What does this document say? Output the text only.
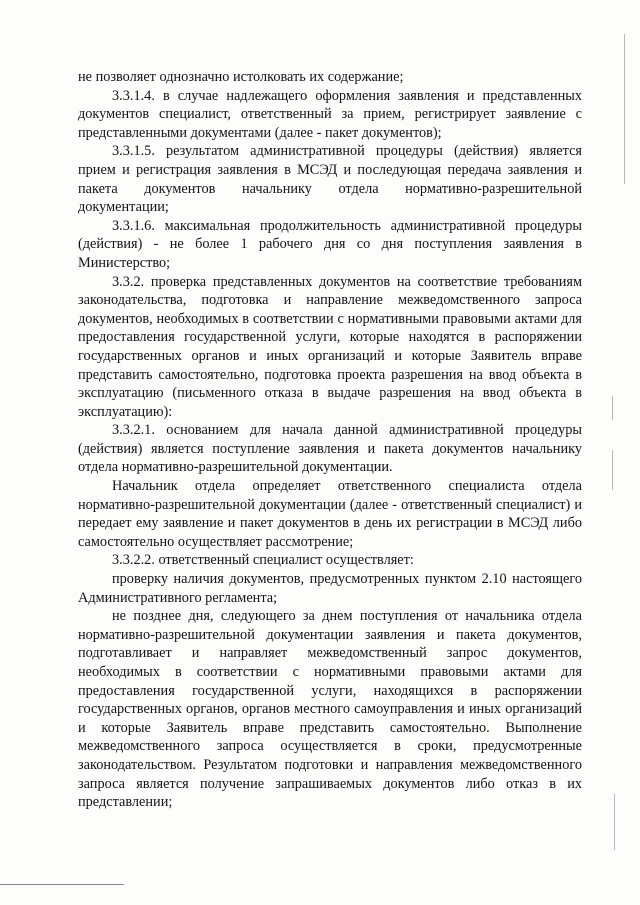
не позволяет однозначно истолковать их содержание;

3.3.1.4. в случае надлежащего оформления заявления и представленных документов специалист, ответственный за прием, регистрирует заявление с представленными документами (далее - пакет документов);

3.3.1.5. результатом административной процедуры (действия) является прием и регистрация заявления в МСЭД и последующая передача заявления и пакета документов начальнику отдела нормативно-разрешительной документации;

3.3.1.6. максимальная продолжительность административной процедуры (действия) - не более 1 рабочего дня со дня поступления заявления в Министерство;

3.3.2. проверка представленных документов на соответствие требованиям законодательства, подготовка и направление межведомственного запроса документов, необходимых в соответствии с нормативными правовыми актами для предоставления государственной услуги, которые находятся в распоряжении государственных органов и иных организаций и которые Заявитель вправе представить самостоятельно, подготовка проекта разрешения на ввод объекта в эксплуатацию (письменного отказа в выдаче разрешения на ввод объекта в эксплуатацию):

3.3.2.1. основанием для начала данной административной процедуры (действия) является поступление заявления и пакета документов начальнику отдела нормативно-разрешительной документации.

Начальник отдела определяет ответственного специалиста отдела нормативно-разрешительной документации (далее - ответственный специалист) и передает ему заявление и пакет документов в день их регистрации в МСЭД либо самостоятельно осуществляет рассмотрение;

3.3.2.2. ответственный специалист осуществляет:

проверку наличия документов, предусмотренных пунктом 2.10 настоящего Административного регламента;

не позднее дня, следующего за днем поступления от начальника отдела нормативно-разрешительной документации заявления и пакета документов, подготавливает и направляет межведомственный запрос документов, необходимых в соответствии с нормативными правовыми актами для предоставления государственной услуги, находящихся в распоряжении государственных органов, органов местного самоуправления и иных организаций и которые Заявитель вправе представить самостоятельно. Выполнение межведомственного запроса осуществляется в сроки, предусмотренные законодательством. Результатом подготовки и направления межведомственного запроса является получение запрашиваемых документов либо отказ в их представлении;
